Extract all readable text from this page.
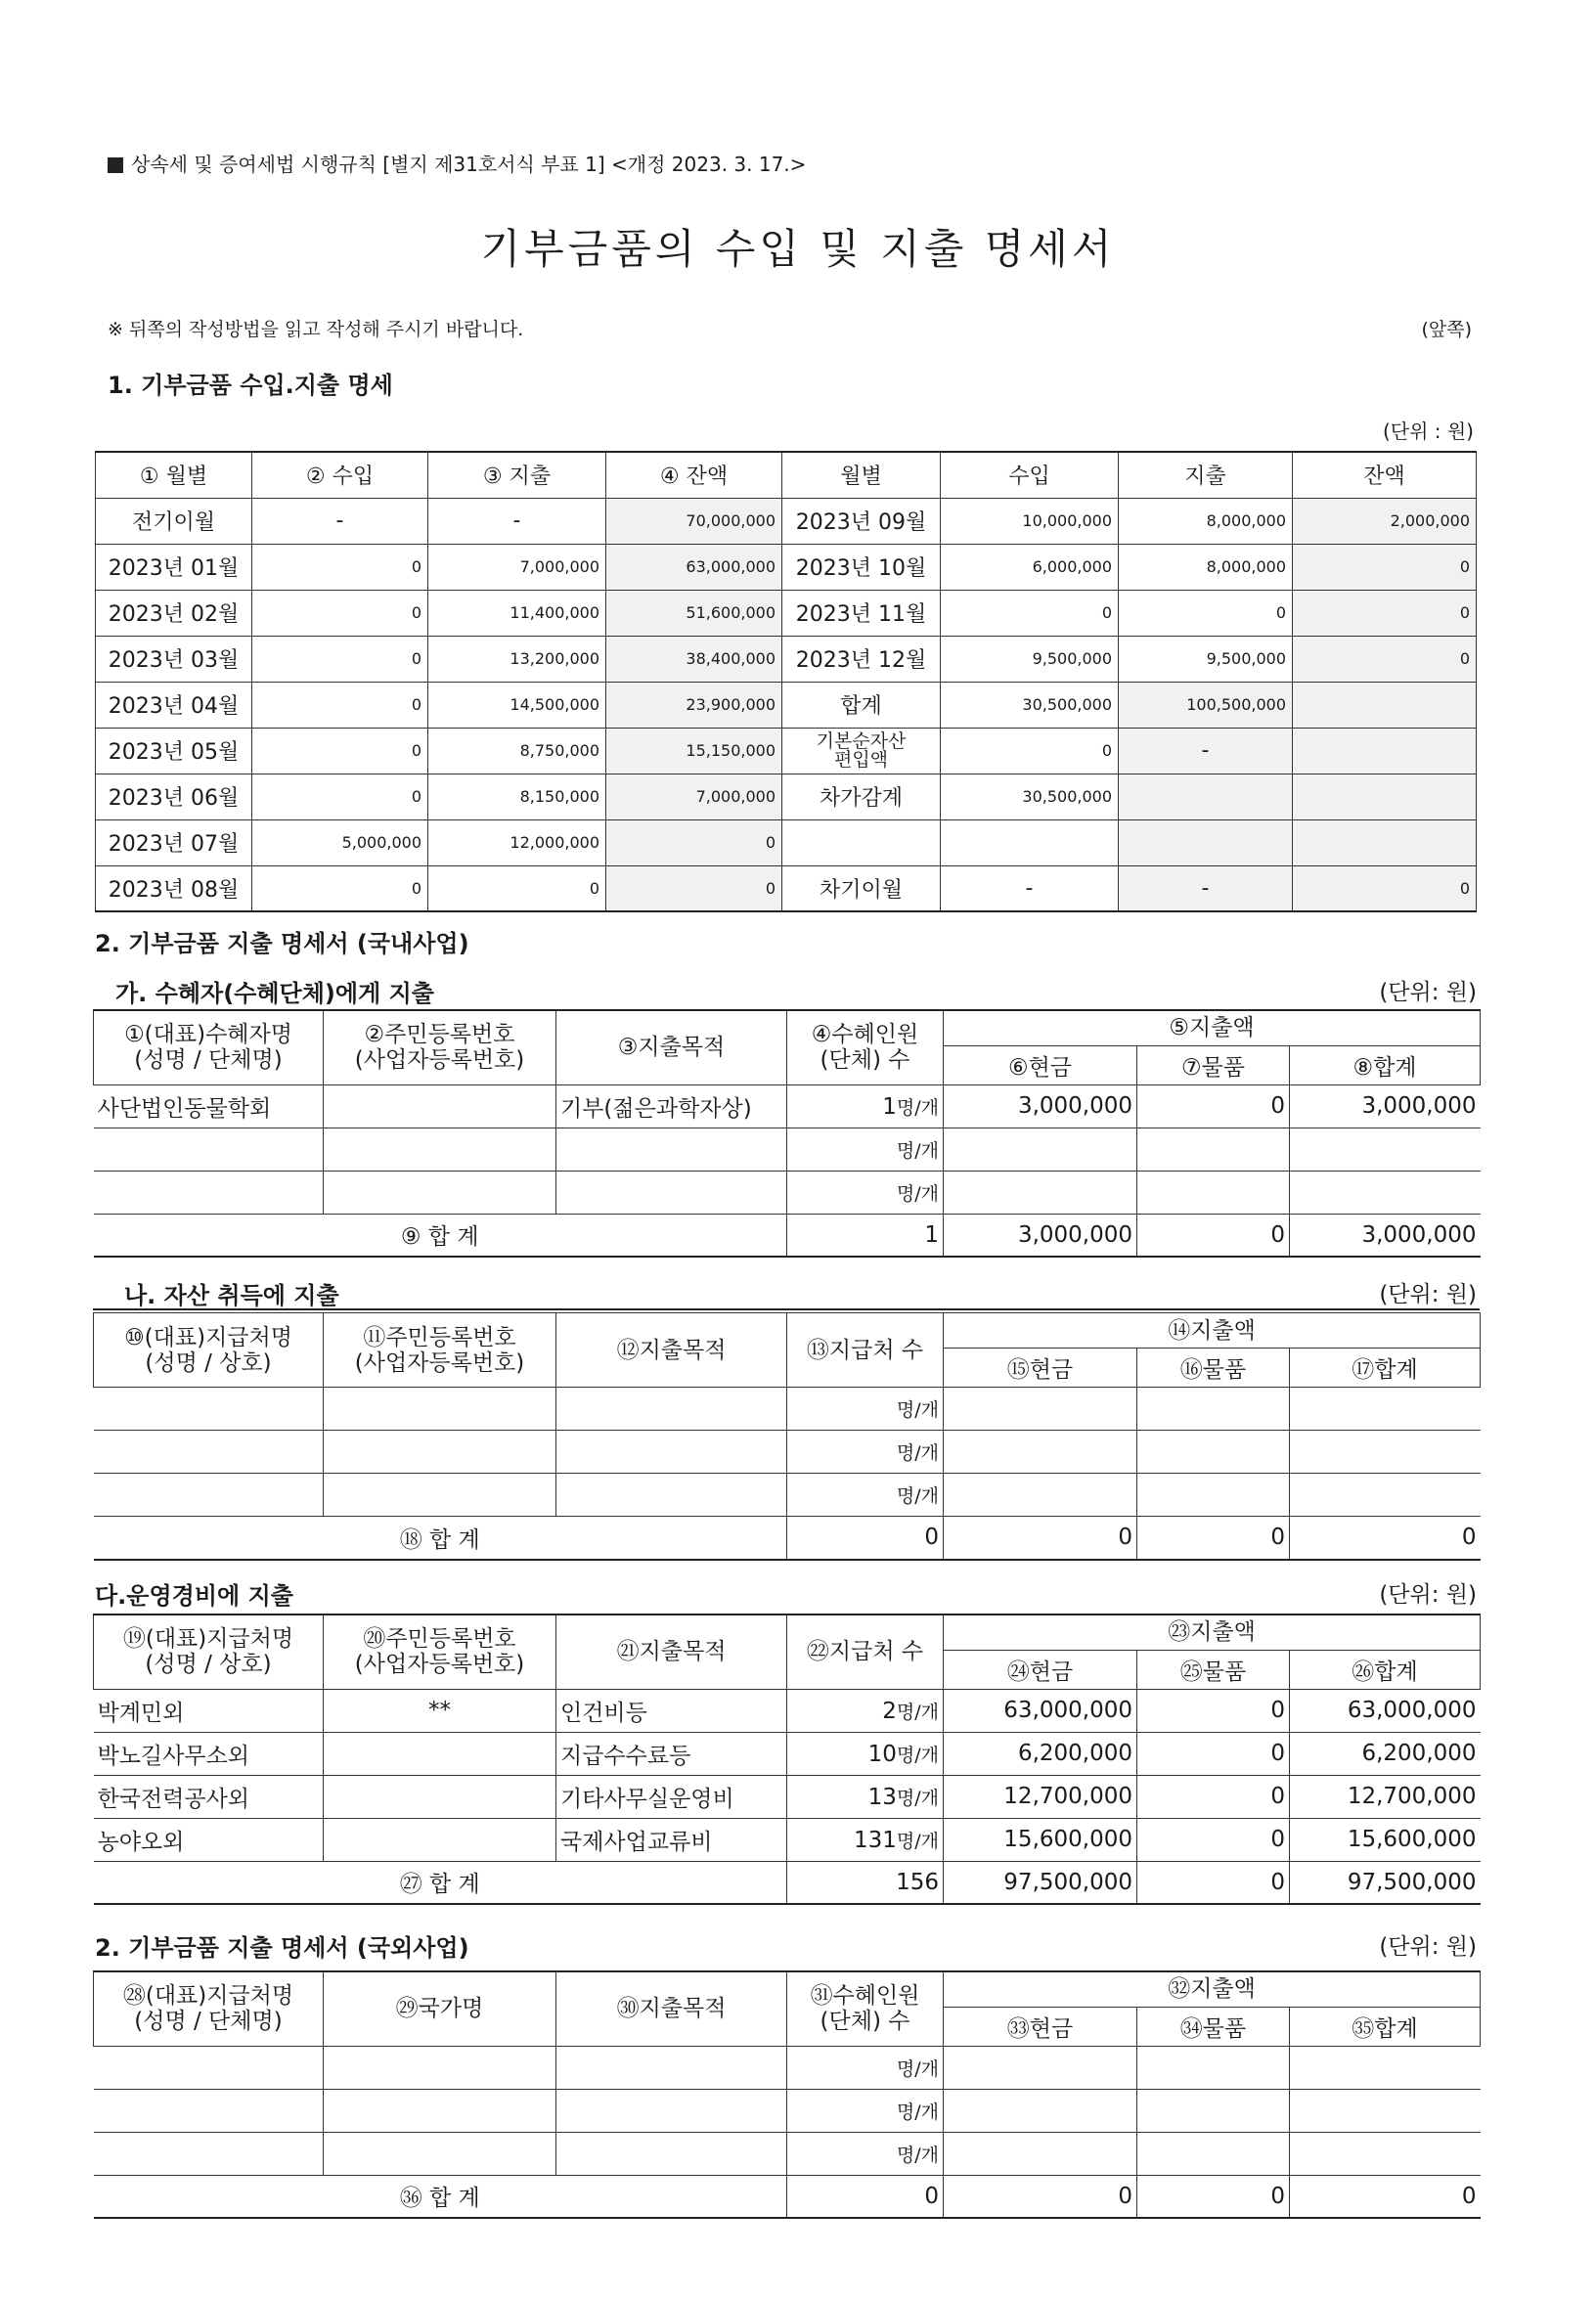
상속세 및 증여세법 시행규칙 [별지 제31호서식 부표 1] <개정 2023. 3. 17.>
기부금품의 수입 및 지출 명세서
※ 뒤쪽의 작성방법을 읽고 작성해 주시기 바랍니다.	(앞쪽)
1. 기부금품 수입.지출 명세
(단위 : 원)
① 월별	② 수입	③ 지출	④ 잔액	월별	수입	지출	잔액
전기이월	-	-	70,000,000	2023년 09월	10,000,000	8,000,000	2,000,000
2023년 01월	0	7,000,000	63,000,000	2023년 10월	6,000,000	8,000,000	0
2023년 02월	0	11,400,000	51,600,000	2023년 11월	0	0	0
2023년 03월	0	13,200,000	38,400,000	2023년 12월	9,500,000	9,500,000	0
2023년 04월	0	14,500,000	23,900,000	합계	30,500,000	100,500,000	
2023년 05월	0	8,750,000	15,150,000	기본순자산
편입액	0	-	
2023년 06월	0	8,150,000	7,000,000	차가감계	30,500,000		
2023년 07월	5,000,000	12,000,000	0				
2023년 08월	0	0	0	차기이월	-	-	0
2. 기부금품 지출 명세서 (국내사업)
가. 수혜자(수혜단체)에게 지출	(단위: 원)
①(대표)수혜자명
(성명 / 단체명)	②주민등록번호
(사업자등록번호)	③지출목적	④수혜인원
(단체) 수	⑤지출액		
				⑥현금	⑦물품	⑧합계
사단법인동물학회		기부(젊은과학자상)	1명/개	3,000,000	0	3,000,000
			명/개			
			명/개			
⑨ 합 계			1	3,000,000	0	3,000,000
나. 자산 취득에 지출	(단위: 원)
⑩(대표)지급처명
(성명 / 상호)	⑪주민등록번호
(사업자등록번호)	⑫지출목적	⑬지급처 수	⑭지출액		
				⑮현금	⑯물품	⑰합계
			명/개			
			명/개			
			명/개			
⑱ 합 계			0	0	0	0
다.운영경비에 지출	(단위: 원)
⑲(대표)지급처명
(성명 / 상호)	⑳주민등록번호
(사업자등록번호)	㉑지출목적	㉒지급처 수	㉓지출액		
				㉔현금	㉕물품	㉖합계
박계민외	**	인건비등	2명/개	63,000,000	0	63,000,000
박노길사무소외		지급수수료등	10명/개	6,200,000	0	6,200,000
한국전력공사외		기타사무실운영비	13명/개	12,700,000	0	12,700,000
농야오외		국제사업교류비	131명/개	15,600,000	0	15,600,000
㉗ 합 계			156	97,500,000	0	97,500,000
2. 기부금품 지출 명세서 (국외사업)	(단위: 원)
㉘(대표)지급처명
(성명 / 단체명)	㉙국가명	㉚지출목적	㉛수혜인원
(단체) 수	㉜지출액		
				㉝현금	㉞물품	㉟합계
			명/개			
			명/개			
			명/개			
㊱ 합 계			0	0	0	0
